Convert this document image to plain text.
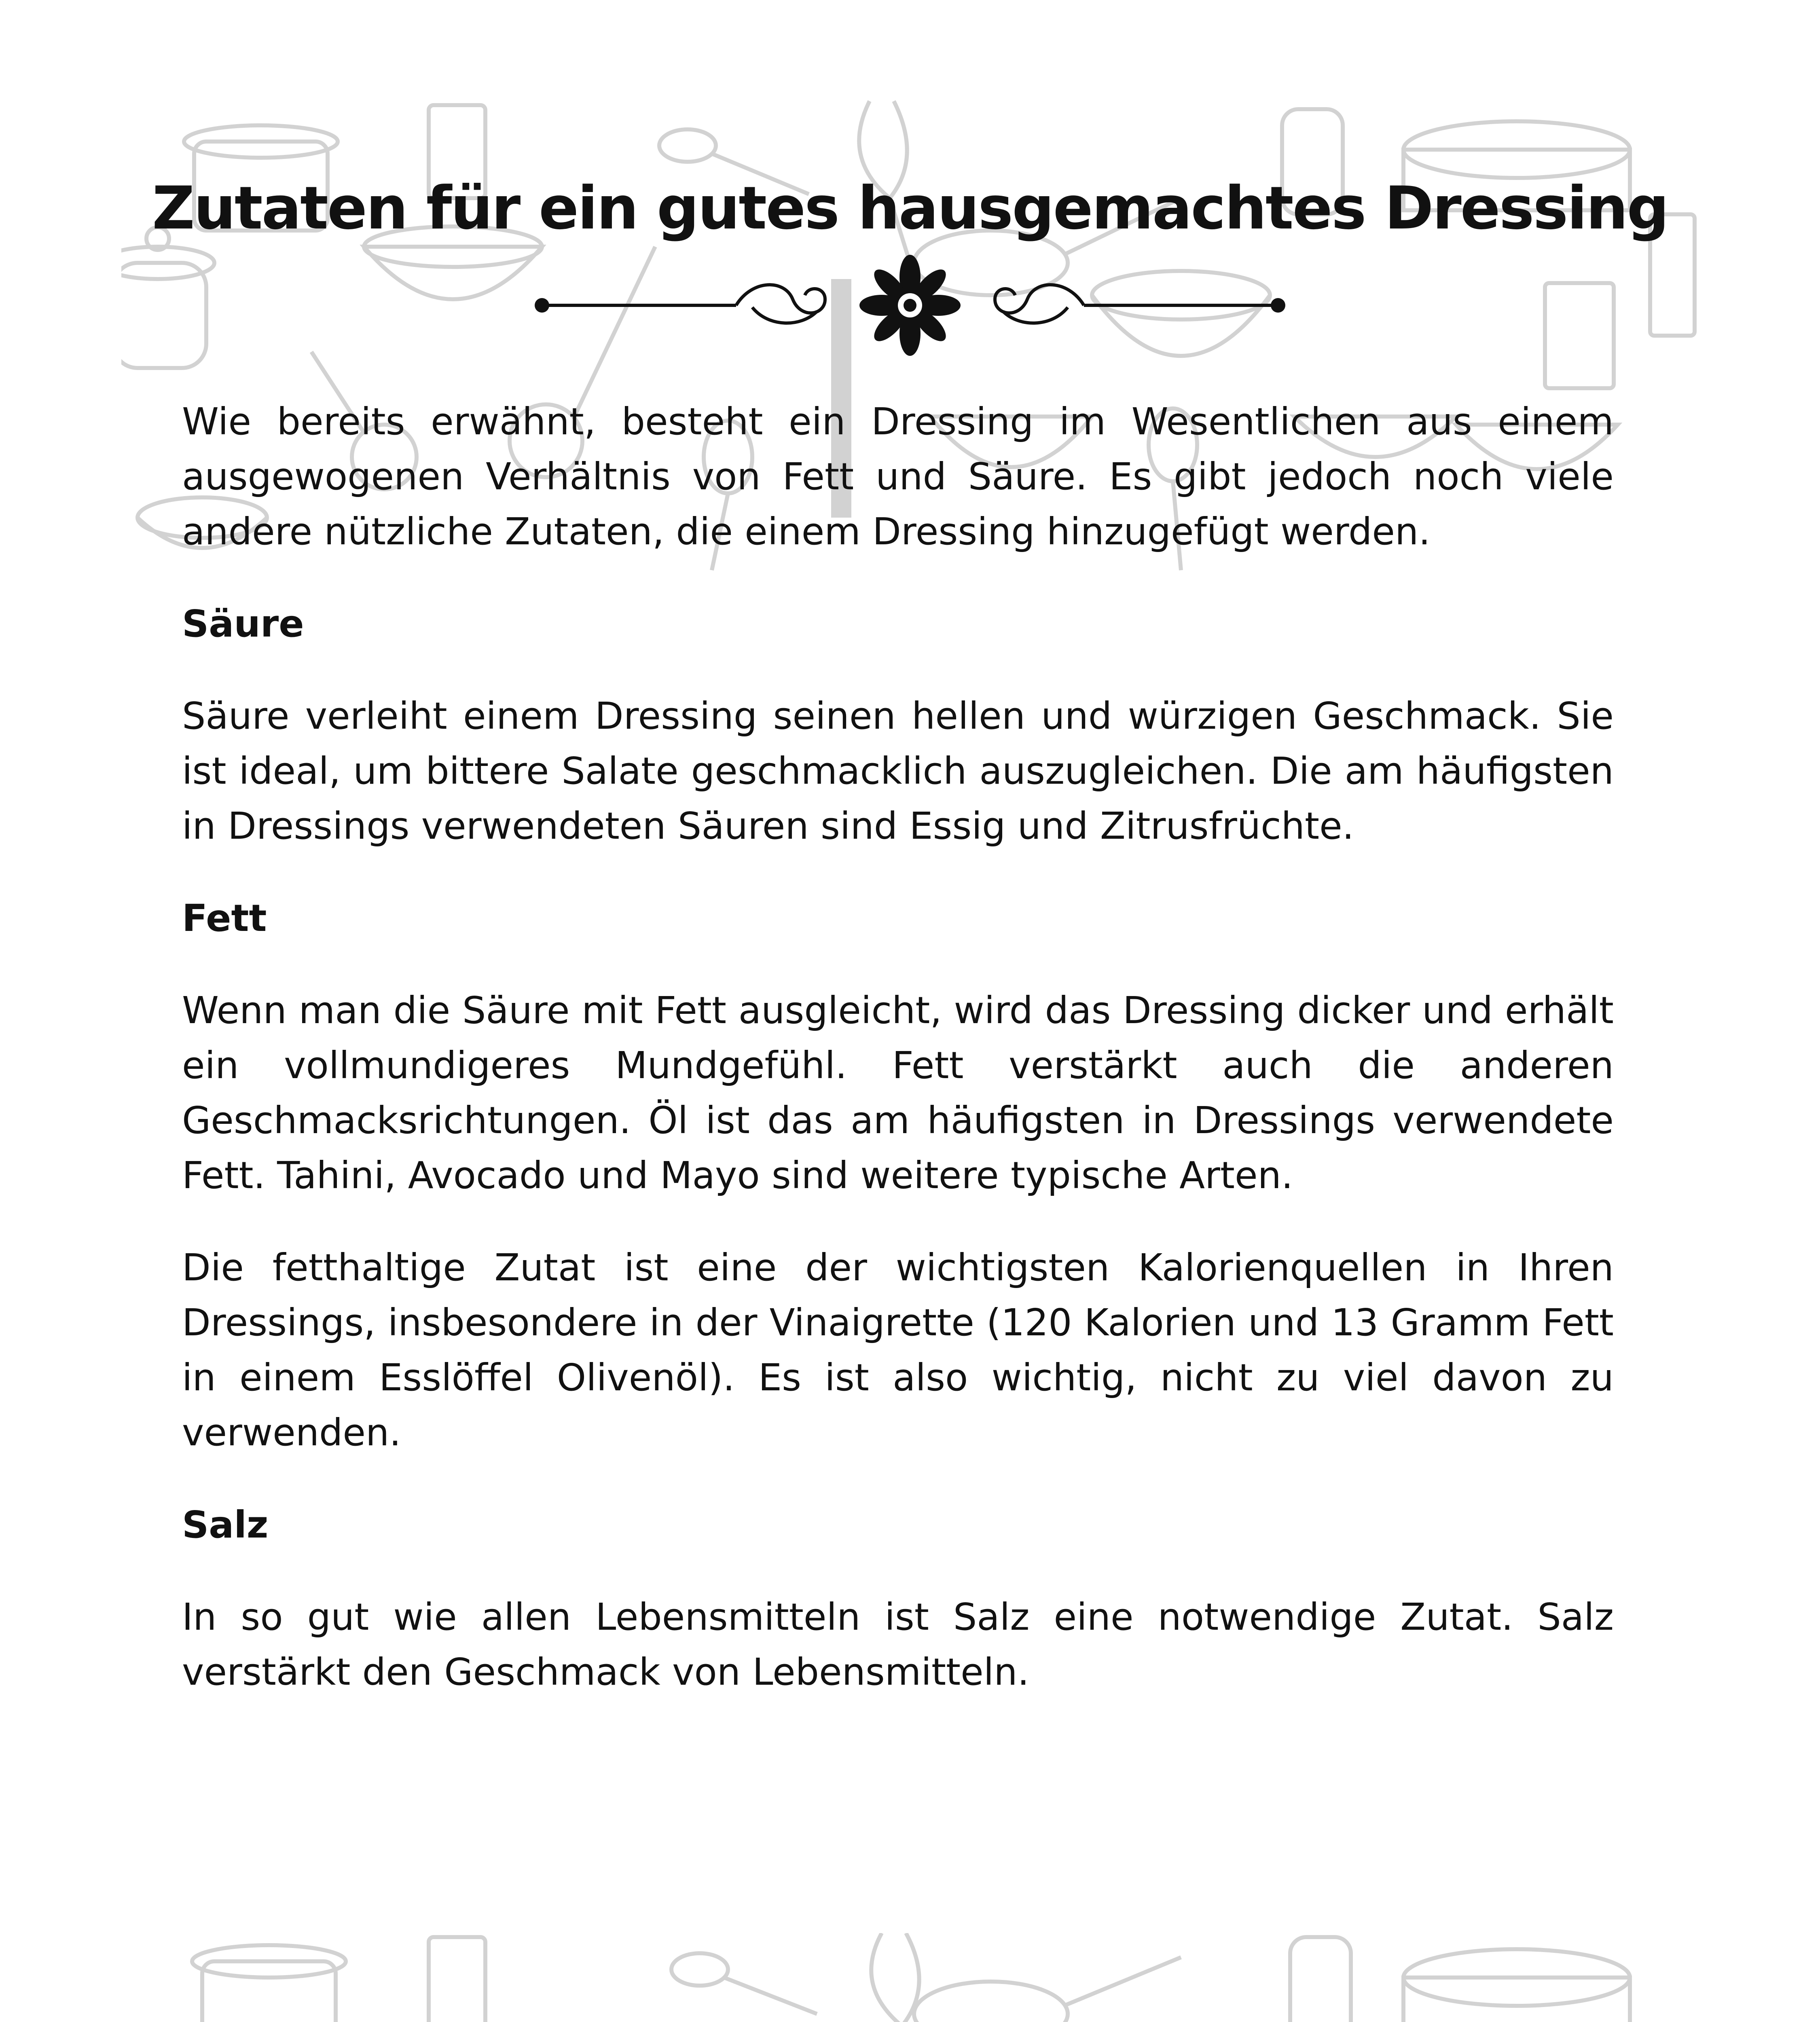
Zutaten für ein gutes hausgemachtes Dressing

Wie bereits erwähnt, besteht ein Dressing im Wesentlichen aus einem ausgewogenen Verhältnis von Fett und Säure. Es gibt jedoch noch viele andere nützliche Zutaten, die einem Dressing hinzugefügt werden.

Säure

Säure verleiht einem Dressing seinen hellen und würzigen Geschmack. Sie ist ideal, um bittere Salate geschmacklich auszugleichen. Die am häufigsten in Dressings verwendeten Säuren sind Essig und Zitrusfrüchte.

Fett

Wenn man die Säure mit Fett ausgleicht, wird das Dressing dicker und erhält ein vollmundigeres Mundgefühl. Fett verstärkt auch die anderen Geschmacksrichtungen. Öl ist das am häufigsten in Dressings verwendete Fett. Tahini, Avocado und Mayo sind weitere typische Arten.

Die fetthaltige Zutat ist eine der wichtigsten Kalorienquellen in Ihren Dressings, insbesondere in der Vinaigrette (120 Kalorien und 13 Gramm Fett in einem Esslöffel Olivenöl). Es ist also wichtig, nicht zu viel davon zu verwenden.

Salz

In so gut wie allen Lebensmitteln ist Salz eine notwendige Zutat. Salz verstärkt den Geschmack von Lebensmitteln.
